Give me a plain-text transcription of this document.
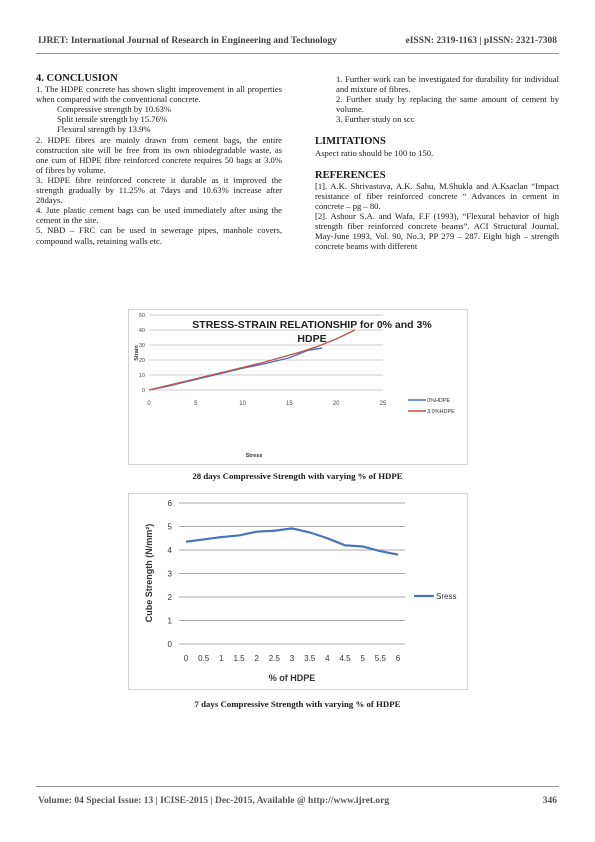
IJRET: International Journal of Research in Engineering and Technology	eISSN: 2319-1163 | pISSN: 2321-7308

4. CONCLUSION

1. The HDPE concrete has shown slight improvement in all properties when compared with the conventional concrete.

Compressive strength by 10.63%

Split tensile strength by 15.76%

Flexural strength by 13.9%

2. HDPE fibres are mainly drawn from cement bags, the entire construction site will be free from its own nbiodegradable waste, as one cum of HDPE fibre reinforced concrete requires 50 bags at 3.0% of fibres by volume.

3. HDPE fibre reinforced concrete it durable as it improved the strength gradually by 11.25% at 7days and 10.63% increase after 28days.

4. Jute plastic cement bags can be used immediately after using the cement in the site.

5. NBD – FRC can be used in sewerage pipes, manhole covers, compound walls, retaining walls etc.

1. Further work can be investigated for durability for individual and mixture of fibres.

2. Further study by replacing the same amount of cement by volume.

3. Further study on scc

LIMITATIONS

Aspect ratio should be 100 to 150.

REFERENCES

[1]. A.K. Shrivastava, A.K. Sahu, M.Shukla and A.Ksaclan “Impact resistance of fiber reinforced concrete “ Advances in cement in concrete – pg – 80.

[2]. Ashour S.A. and Wafa, F.F (1993), “Flexural behavior of high strength fiber reinforced concrete beams”. ACI Structural Journal, May-June 1993, Vol. 90, No.3, PP 279 – 287. Eight high – strength concrete beams with different

0
10
20
30
40
50
0	5	10	15	20	25	0%HDPE
3.0%HDPE
STRESS-STRAIN RELATIONSHIP for 0% and 3%
HDPE
Stress
Strain
28 days Compressive Strength with varying % of HDPE
0
1
2
3
4
5
6
0 0.5 1 1.5 2 2.5 3 3.5 4 4.5 5 5.5 6
Sress
% of HDPE
Cube Strength (N/mm²)
7 days Compressive Strength with varying % of HDPE
Volume: 04 Special Issue: 13 | ICISE-2015 | Dec-2015, Available @ http://www.ijret.org	346
